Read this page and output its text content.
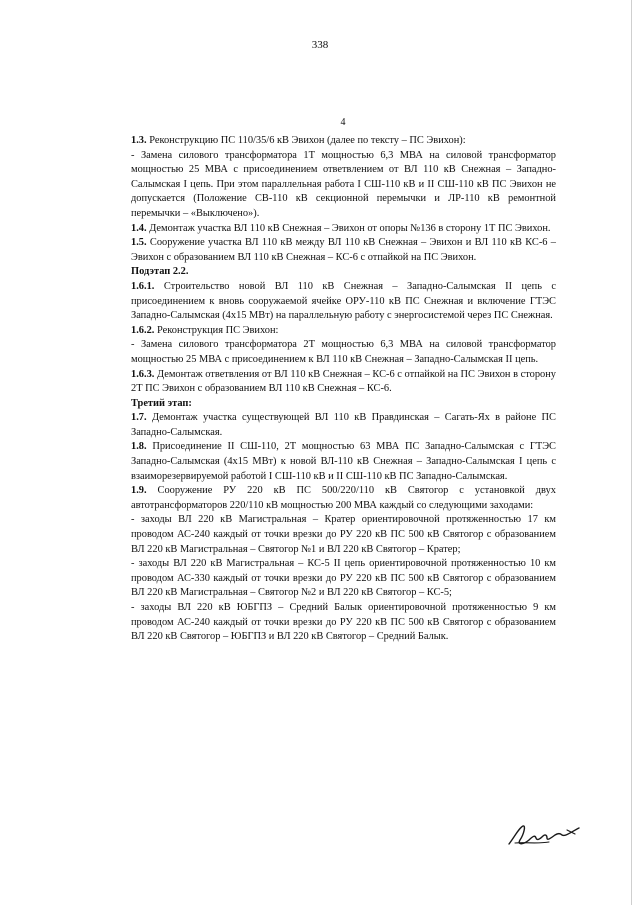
338
4

1.3. Реконструкцию ПС 110/35/6 кВ Эвихон (далее по тексту – ПС Эвихон):

- Замена силового трансформатора 1Т мощностью 6,3 МВА на силовой трансформатор мощностью 25 МВА с присоединением ответвлением от ВЛ 110 кВ Снежная – Западно-Салымская I цепь. При этом параллельная работа I СШ-110 кВ и II СШ-110 кВ ПС Эвихон не допускается (Положение СВ-110 кВ секционной перемычки и ЛР-110 кВ ремонтной перемычки – «Выключено»).

1.4. Демонтаж участка ВЛ 110 кВ Снежная – Эвихон от опоры №136 в сторону 1Т ПС Эвихон.

1.5. Сооружение участка ВЛ 110 кВ между ВЛ 110 кВ Снежная – Эвихон и ВЛ 110 кВ КС-6 – Эвихон с образованием ВЛ 110 кВ Снежная – КС-6 с отпайкой на ПС Эвихон.

Подэтап 2.2.

1.6.1. Строительство новой ВЛ 110 кВ Снежная – Западно-Салымская II цепь с присоединением к вновь сооружаемой ячейке ОРУ-110 кВ ПС Снежная и включение ГТЭС Западно-Салымская (4х15 МВт) на параллельную работу с энергосистемой через ПС Снежная.

1.6.2. Реконструкция ПС Эвихон:

- Замена силового трансформатора 2Т мощностью 6,3 МВА на силовой трансформатор мощностью 25 МВА с присоединением к ВЛ 110 кВ Снежная – Западно-Салымская II цепь.

1.6.3. Демонтаж ответвления от ВЛ 110 кВ Снежная – КС-6 с отпайкой на ПС Эвихон в сторону 2Т ПС Эвихон с образованием ВЛ 110 кВ Снежная – КС-6.

Третий этап:

1.7. Демонтаж участка существующей ВЛ 110 кВ Правдинская – Сагать-Ях в районе ПС Западно-Салымская.

1.8. Присоединение II СШ-110, 2Т мощностью 63 МВА ПС Западно-Салымская с ГТЭС Западно-Салымская (4х15 МВт) к новой ВЛ-110 кВ Снежная – Западно-Салымская I цепь с взаиморезервируемой работой I СШ-110 кВ и II СШ-110 кВ ПС Западно-Салымская.

1.9. Сооружение РУ 220 кВ ПС 500/220/110 кВ Святогор с установкой двух автотрансформаторов 220/110 кВ мощностью 200 МВА каждый со следующими заходами:

- заходы ВЛ 220 кВ Магистральная – Кратер ориентировочной протяженностью 17 км проводом АС-240 каждый от точки врезки до РУ 220 кВ ПС 500 кВ Святогор с образованием ВЛ 220 кВ Магистральная – Святогор №1 и ВЛ 220 кВ Святогор – Кратер;

- заходы ВЛ 220 кВ Магистральная – КС-5 II цепь ориентировочной протяженностью 10 км проводом АС-330 каждый от точки врезки до РУ 220 кВ ПС 500 кВ Святогор с образованием ВЛ 220 кВ Магистральная – Святогор №2 и ВЛ 220 кВ Святогор – КС-5;

- заходы ВЛ 220 кВ ЮБГПЗ – Средний Балык ориентировочной протяженностью 9 км проводом АС-240 каждый от точки врезки до РУ 220 кВ ПС 500 кВ Святогор с образованием ВЛ 220 кВ Святогор – ЮБГПЗ и ВЛ 220 кВ Святогор – Средний Балык.
